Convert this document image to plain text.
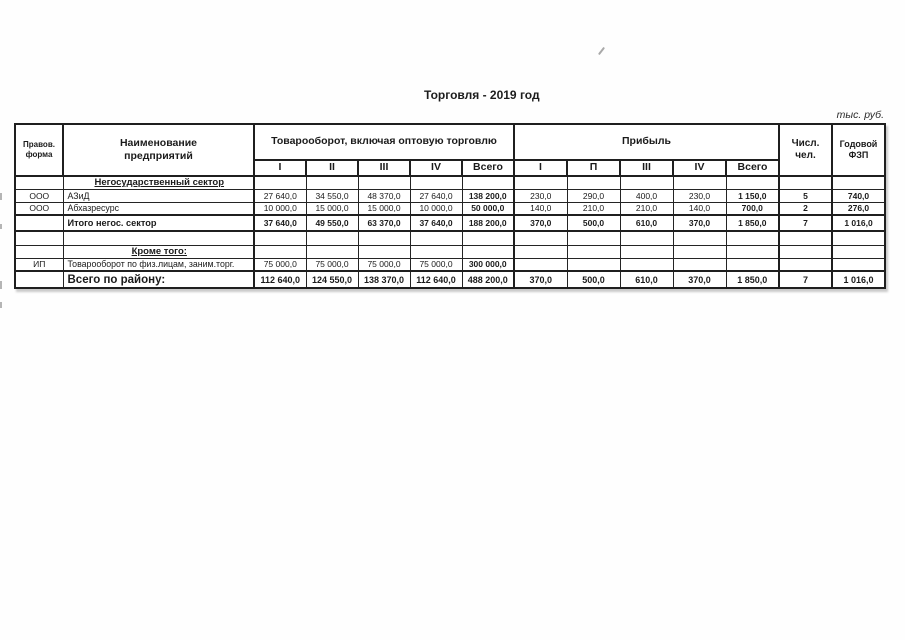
Торговля - 2019 год
тыс. руб.
Правов. форма	Наименование предприятий	Товарооборот, включая оптовую торговлю					Прибыль					Числ. чел.	Годовой ФЗП
		I	II	III	IV	Всего	I	П	III	IV	Всего		
	Негосударственный сектор												
ООО	АЗиД	27 640,0	34 550,0	48 370,0	27 640,0	138 200,0	230,0	290,0	400,0	230,0	1 150,0	5	740,0
ООО	Абхазресурс	10 000,0	15 000,0	15 000,0	10 000,0	50 000,0	140,0	210,0	210,0	140,0	700,0	2	276,0
	Итого негос. сектор	37 640,0	49 550,0	63 370,0	37 640,0	188 200,0	370,0	500,0	610,0	370,0	1 850,0	7	1 016,0

	Кроме того:												
ИП	Товарооборот по физ.лицам, заним.торг.	75 000,0	75 000,0	75 000,0	75 000,0	300 000,0							
	Всего по району:	112 640,0	124 550,0	138 370,0	112 640,0	488 200,0	370,0	500,0	610,0	370,0	1 850,0	7	1 016,0
